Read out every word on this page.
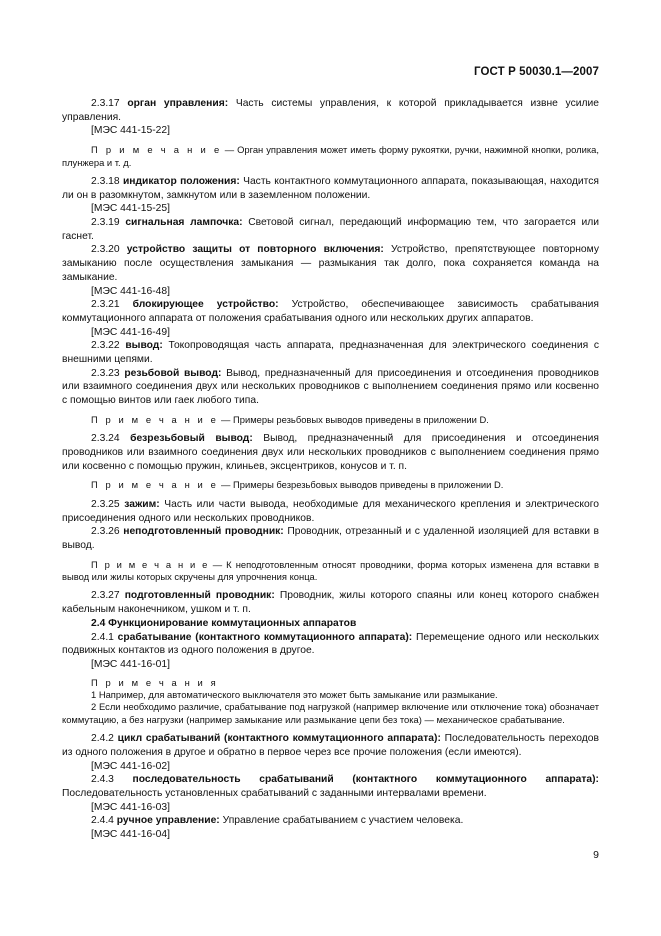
ГОСТ Р 50030.1—2007

2.3.17 орган управления: Часть системы управления, к которой прикладывается извне усилие управления.

[МЭС 441-15-22]

П р и м е ч а н и е — Орган управления может иметь форму рукоятки, ручки, нажимной кнопки, ролика, плунжера и т. д.

2.3.18 индикатор положения: Часть контактного коммутационного аппарата, показывающая, находится ли он в разомкнутом, замкнутом или в заземленном положении.

[МЭС 441-15-25]

2.3.19 сигнальная лампочка: Световой сигнал, передающий информацию тем, что загорается или гаснет.

2.3.20 устройство защиты от повторного включения: Устройство, препятствующее повторному замыканию после осуществления замыкания — размыкания так долго, пока сохраняется команда на замыкание.

[МЭС 441-16-48]

2.3.21 блокирующее устройство: Устройство, обеспечивающее зависимость срабатывания коммутационного аппарата от положения срабатывания одного или нескольких других аппаратов.

[МЭС 441-16-49]

2.3.22 вывод: Токопроводящая часть аппарата, предназначенная для электрического соединения с внешними цепями.

2.3.23 резьбовой вывод: Вывод, предназначенный для присоединения и отсоединения проводников или взаимного соединения двух или нескольких проводников с выполнением соединения прямо или косвенно с помощью винтов или гаек любого типа.

П р и м е ч а н и е — Примеры резьбовых выводов приведены в приложении D.

2.3.24 безрезьбовый вывод: Вывод, предназначенный для присоединения и отсоединения проводников или взаимного соединения двух или нескольких проводников с выполнением соединения прямо или косвенно с помощью пружин, клиньев, эксцентриков, конусов и т. п.

П р и м е ч а н и е — Примеры безрезьбовых выводов приведены в приложении D.

2.3.25 зажим: Часть или части вывода, необходимые для механического крепления и электрического присоединения одного или нескольких проводников.

2.3.26 неподготовленный проводник: Проводник, отрезанный и с удаленной изоляцией для вставки в вывод.

П р и м е ч а н и е — К неподготовленным относят проводники, форма которых изменена для вставки в вывод или жилы которых скручены для упрочнения конца.

2.3.27 подготовленный проводник: Проводник, жилы которого спаяны или конец которого снабжен кабельным наконечником, ушком и т. п.

2.4 Функционирование коммутационных аппаратов

2.4.1 срабатывание (контактного коммутационного аппарата): Перемещение одного или нескольких подвижных контактов из одного положения в другое.

[МЭС 441-16-01]

П р и м е ч а н и я

1 Например, для автоматического выключателя это может быть замыкание или размыкание.

2 Если необходимо различие, срабатывание под нагрузкой (например включение или отключение тока) обозначает коммутацию, а без нагрузки (например замыкание или размыкание цепи без тока) — механическое срабатывание.

2.4.2 цикл срабатываний (контактного коммутационного аппарата): Последовательность переходов из одного положения в другое и обратно в первое через все прочие положения (если имеются).

[МЭС 441-16-02]

2.4.3 последовательность срабатываний (контактного коммутационного аппарата): Последовательность установленных срабатываний с заданными интервалами времени.

[МЭС 441-16-03]

2.4.4 ручное управление: Управление срабатыванием с участием человека.

[МЭС 441-16-04]

9
